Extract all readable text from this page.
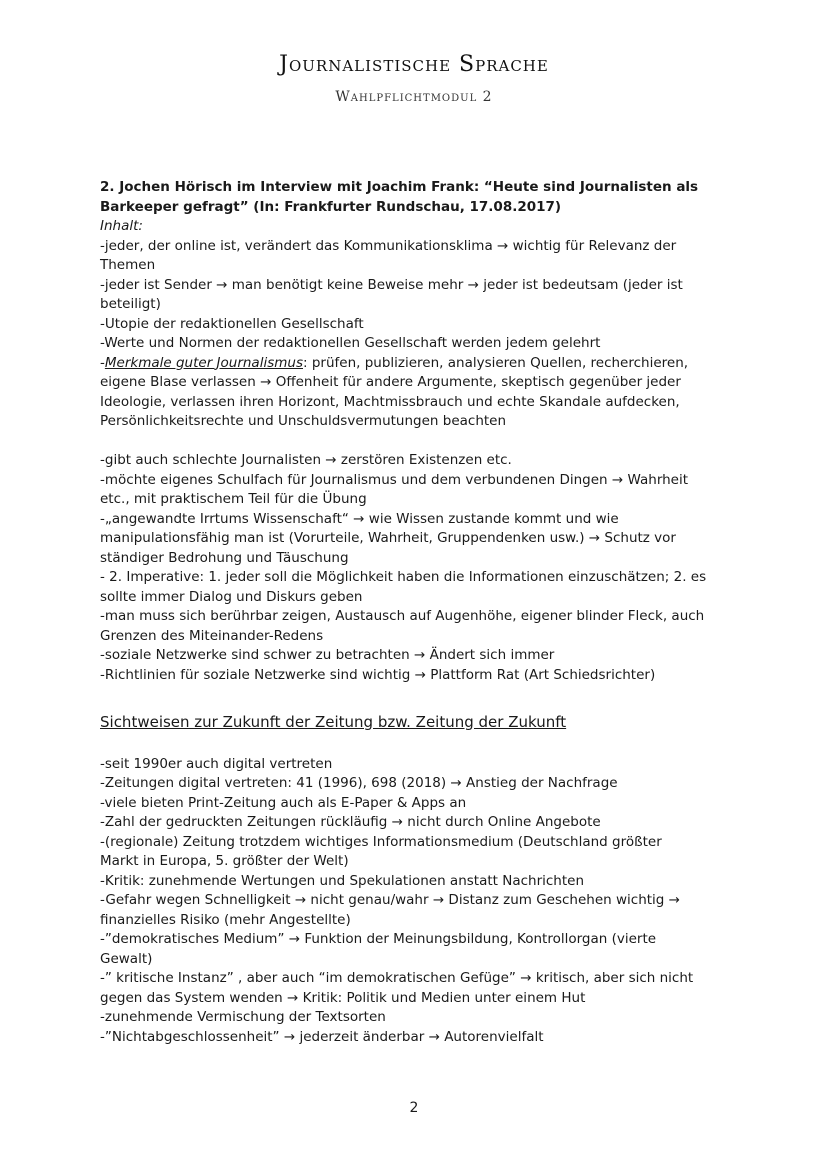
Journalistische Sprache
Wahlpflichtmodul 2
2. Jochen Hörisch im Interview mit Joachim Frank: “Heute sind Journalisten als
Barkeeper gefragt” (In: Frankfurter Rundschau, 17.08.2017)
Inhalt:
-jeder, der online ist, verändert das Kommunikationsklima → wichtig für Relevanz der
Themen
-jeder ist Sender → man benötigt keine Beweise mehr → jeder ist bedeutsam (jeder ist
beteiligt)
-Utopie der redaktionellen Gesellschaft
-Werte und Normen der redaktionellen Gesellschaft werden jedem gelehrt
-Merkmale guter Journalismus: prüfen, publizieren, analysieren Quellen, recherchieren,
eigene Blase verlassen → Offenheit für andere Argumente, skeptisch gegenüber jeder
Ideologie, verlassen ihren Horizont, Machtmissbrauch und echte Skandale aufdecken,
Persönlichkeitsrechte und Unschuldsvermutungen beachten
-gibt auch schlechte Journalisten → zerstören Existenzen etc.
-möchte eigenes Schulfach für Journalismus und dem verbundenen Dingen → Wahrheit
etc., mit praktischem Teil für die Übung
-„angewandte Irrtums Wissenschaft“ → wie Wissen zustande kommt und wie
manipulationsfähig man ist (Vorurteile, Wahrheit, Gruppendenken usw.) → Schutz vor
ständiger Bedrohung und Täuschung
- 2. Imperative: 1. jeder soll die Möglichkeit haben die Informationen einzuschätzen; 2. es
sollte immer Dialog und Diskurs geben
-man muss sich berührbar zeigen, Austausch auf Augenhöhe, eigener blinder Fleck, auch
Grenzen des Miteinander-Redens
-soziale Netzwerke sind schwer zu betrachten → Ändert sich immer
-Richtlinien für soziale Netzwerke sind wichtig → Plattform Rat (Art Schiedsrichter)
Sichtweisen zur Zukunft der Zeitung bzw. Zeitung der Zukunft
-seit 1990er auch digital vertreten
-Zeitungen digital vertreten: 41 (1996), 698 (2018) → Anstieg der Nachfrage
-viele bieten Print-Zeitung auch als E-Paper & Apps an
-Zahl der gedruckten Zeitungen rückläufig → nicht durch Online Angebote
-(regionale) Zeitung trotzdem wichtiges Informationsmedium (Deutschland größter
Markt in Europa, 5. größter der Welt)
-Kritik: zunehmende Wertungen und Spekulationen anstatt Nachrichten
-Gefahr wegen Schnelligkeit → nicht genau/wahr → Distanz zum Geschehen wichtig →
finanzielles Risiko (mehr Angestellte)
-”demokratisches Medium” → Funktion der Meinungsbildung, Kontrollorgan (vierte
Gewalt)
-” kritische Instanz” , aber auch “im demokratischen Gefüge” → kritisch, aber sich nicht
gegen das System wenden → Kritik: Politik und Medien unter einem Hut
-zunehmende Vermischung der Textsorten
-”Nichtabgeschlossenheit” → jederzeit änderbar → Autorenvielfalt
2
